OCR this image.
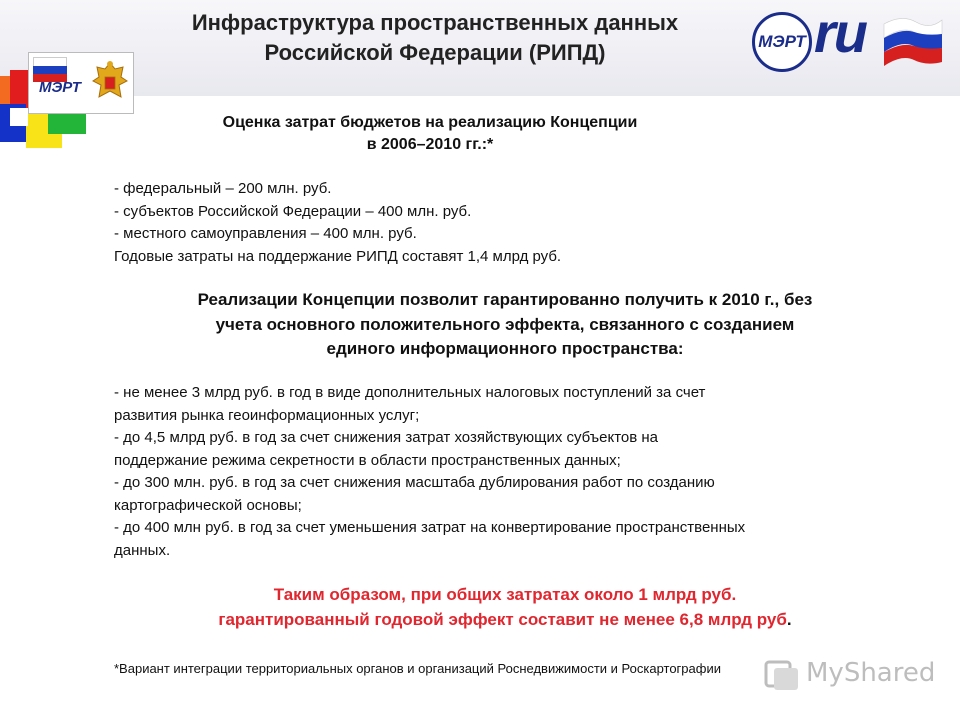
МЭРТ
Инфраструктура пространственных данных
Российской Федерации (РИПД)	МЭРТ ru
Оценка затрат бюджетов на реализацию Концепции
в 2006–2010 гг.:*
- федеральный – 200 млн. руб.
- субъектов Российской Федерации – 400 млн. руб.
- местного самоуправления – 400 млн. руб.
Годовые затраты на поддержание РИПД составят 1,4 млрд руб.
Реализации Концепции позволит гарантированно получить к 2010 г., без
учета основного положительного эффекта, связанного с созданием
единого информационного пространства:
- не менее 3 млрд руб. в год в виде дополнительных налоговых поступлений за счет
развития рынка геоинформационных услуг;
- до 4,5 млрд руб. в год за счет снижения затрат хозяйствующих субъектов на
поддержание режима секретности в области пространственных данных;
- до 300 млн. руб. в год за счет снижения масштаба дублирования работ по созданию
картографической основы;
- до 400 млн руб. в год за счет уменьшения затрат на конвертирование пространственных
данных.
Таким образом, при общих затратах около 1 млрд руб.
гарантированный годовой эффект составит не менее 6,8 млрд руб.
*Вариант интеграции территориальных органов и организаций Роснедвижимости и Роскартографии	MyShared
